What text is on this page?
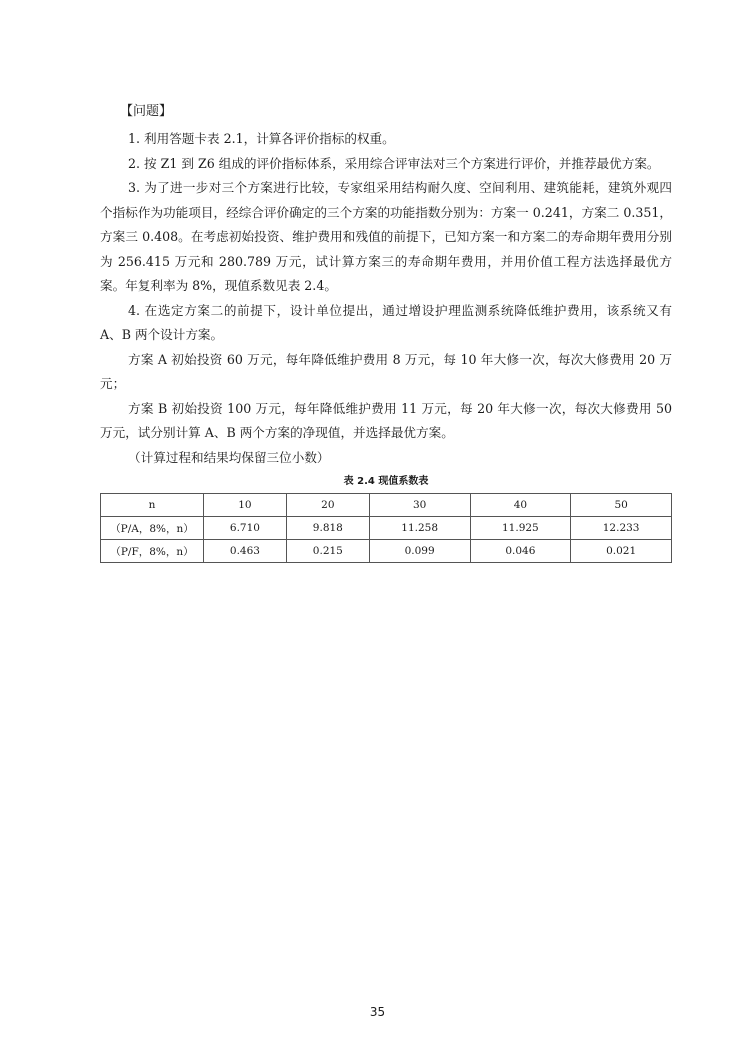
【问题】

1. 利用答题卡表 2.1，计算各评价指标的权重。

2. 按 Z1 到 Z6 组成的评价指标体系，采用综合评审法对三个方案进行评价，并推荐最优方案。

3. 为了进一步对三个方案进行比较，专家组采用结构耐久度、空间利用、建筑能耗，建筑外观四个指标作为功能项目，经综合评价确定的三个方案的功能指数分别为：方案一 0.241，方案二 0.351，方案三 0.408。在考虑初始投资、维护费用和残值的前提下，已知方案一和方案二的寿命期年费用分别为 256.415 万元和 280.789 万元，试计算方案三的寿命期年费用，并用价值工程方法选择最优方案。年复利率为 8%，现值系数见表 2.4。

4. 在选定方案二的前提下，设计单位提出，通过增设护理监测系统降低维护费用，该系统又有 A、B 两个设计方案。

方案 A 初始投资 60 万元，每年降低维护费用 8 万元，每 10 年大修一次，每次大修费用 20 万元；

方案 B 初始投资 100 万元，每年降低维护费用 11 万元，每 20 年大修一次，每次大修费用 50 万元，试分别计算 A、B 两个方案的净现值，并选择最优方案。

（计算过程和结果均保留三位小数）

表 2.4 现值系数表
n	10	20	30	40	50
（P/A，8%，n）	6.710	9.818	11.258	11.925	12.233
（P/F，8%，n）	0.463	0.215	0.099	0.046	0.021
35
